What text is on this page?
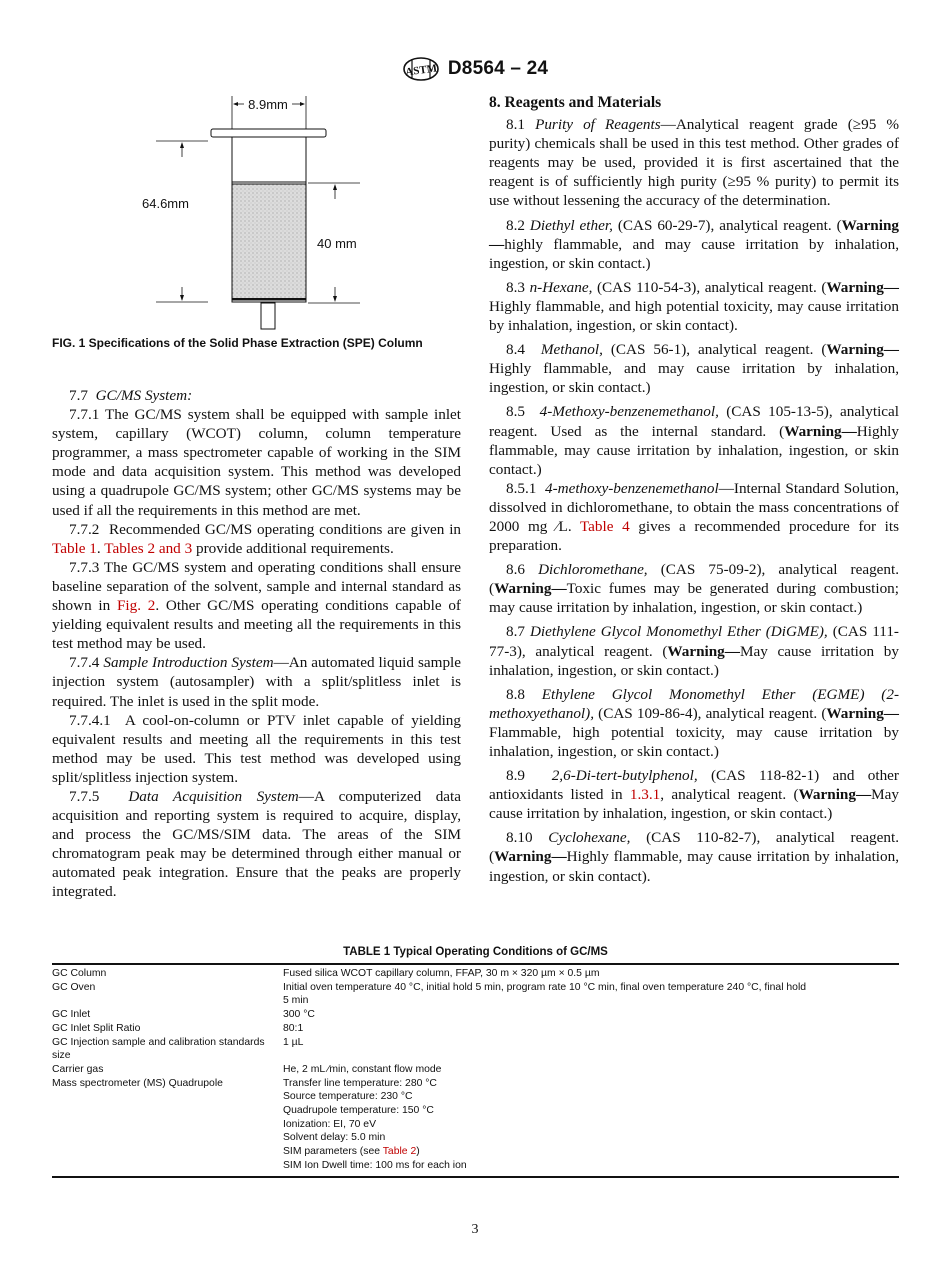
ASTM D8564 – 24
8.9mm
64.6mm
40 mm
FIG. 1 Specifications of the Solid Phase Extraction (SPE) Column

7.7 GC/MS System:

7.7.1 The GC/MS system shall be equipped with sample inlet system, capillary (WCOT) column, column temperature programmer, a mass spectrometer capable of working in the SIM mode and data acquisition system. This method was developed using a quadrupole GC/MS system; other GC/MS systems may be used if all the requirements in this method are met.

7.7.2 Recommended GC/MS operating conditions are given in Table 1. Tables 2 and 3 provide additional requirements.

7.7.3 The GC/MS system and operating conditions shall ensure baseline separation of the solvent, sample and internal standard as shown in Fig. 2. Other GC/MS operating conditions capable of yielding equivalent results and meeting all the requirements in this test method may be used.

7.7.4 Sample Introduction System—An automated liquid sample injection system (autosampler) with a split/splitless inlet is required. The inlet is used in the split mode.

7.7.4.1 A cool-on-column or PTV inlet capable of yielding equivalent results and meeting all the requirements in this test method may be used. This test method was developed using split/splitless injection system.

7.7.5 Data Acquisition System—A computerized data acquisition and reporting system is required to acquire, display, and process the GC/MS/SIM data. The areas of the SIM chromatogram peak may be determined through either manual or automated peak integration. Ensure that the peaks are properly integrated.

8. Reagents and Materials

8.1 Purity of Reagents—Analytical reagent grade (≥95 % purity) chemicals shall be used in this test method. Other grades of reagents may be used, provided it is first ascertained that the reagent is of sufficiently high purity (≥95 % purity) to permit its use without lessening the accuracy of the determination.

8.2 Diethyl ether, (CAS 60-29-7), analytical reagent. (Warning—highly flammable, and may cause irritation by inhalation, ingestion, or skin contact.)

8.3 n-Hexane, (CAS 110-54-3), analytical reagent. (Warning—Highly flammable, and high potential toxicity, may cause irritation by inhalation, ingestion, or skin contact).

8.4 Methanol, (CAS 56-1), analytical reagent. (Warning—Highly flammable, and may cause irritation by inhalation, ingestion, or skin contact.)

8.5 4-Methoxy-benzenemethanol, (CAS 105-13-5), analytical reagent. Used as the internal standard. (Warning—Highly flammable, may cause irritation by inhalation, ingestion, or skin contact.)

8.5.1 4-methoxy-benzenemethanol—Internal Standard Solution, dissolved in dichloromethane, to obtain the mass concentrations of 2000 mg ⁄L. Table 4 gives a recommended procedure for its preparation.

8.6 Dichloromethane, (CAS 75-09-2), analytical reagent. (Warning—Toxic fumes may be generated during combustion; may cause irritation by inhalation, ingestion, or skin contact.)

8.7 Diethylene Glycol Monomethyl Ether (DiGME), (CAS 111-77-3), analytical reagent. (Warning—May cause irritation by inhalation, ingestion, or skin contact.)

8.8 Ethylene Glycol Monomethyl Ether (EGME) (2-methoxyethanol), (CAS 109-86-4), analytical reagent. (Warning—Flammable, high potential toxicity, may cause irritation by inhalation, ingestion, or skin contact.)

8.9 2,6-Di-tert-butylphenol, (CAS 118-82-1) and other antioxidants listed in 1.3.1, analytical reagent. (Warning—May cause irritation by inhalation, ingestion, or skin contact.)

8.10 Cyclohexane, (CAS 110-82-7), analytical reagent. (Warning—Highly flammable, may cause irritation by inhalation, ingestion, or skin contact).

TABLE 1 Typical Operating Conditions of GC/MS
GC Column	Fused silica WCOT capillary column, FFAP, 30 m × 320 µm × 0.5 µm

GC Oven	Initial oven temperature 40 °C, initial hold 5 min, program rate 10 °C min, final oven temperature 240 °C, final hold
5 min

GC Inlet	300 °C

GC Inlet Split Ratio	80:1

GC Injection sample and calibration standards size	1 µL

Carrier gas	He, 2 mL ⁄min, constant flow mode

Mass spectrometer (MS) Quadrupole	Transfer line temperature: 280 °C
Source temperature: 230 °C
Quadrupole temperature: 150 °C
Ionization: EI, 70 eV
Solvent delay: 5.0 min
SIM parameters (see Table 2)
SIM Ion Dwell time: 100 ms for each ion
3
